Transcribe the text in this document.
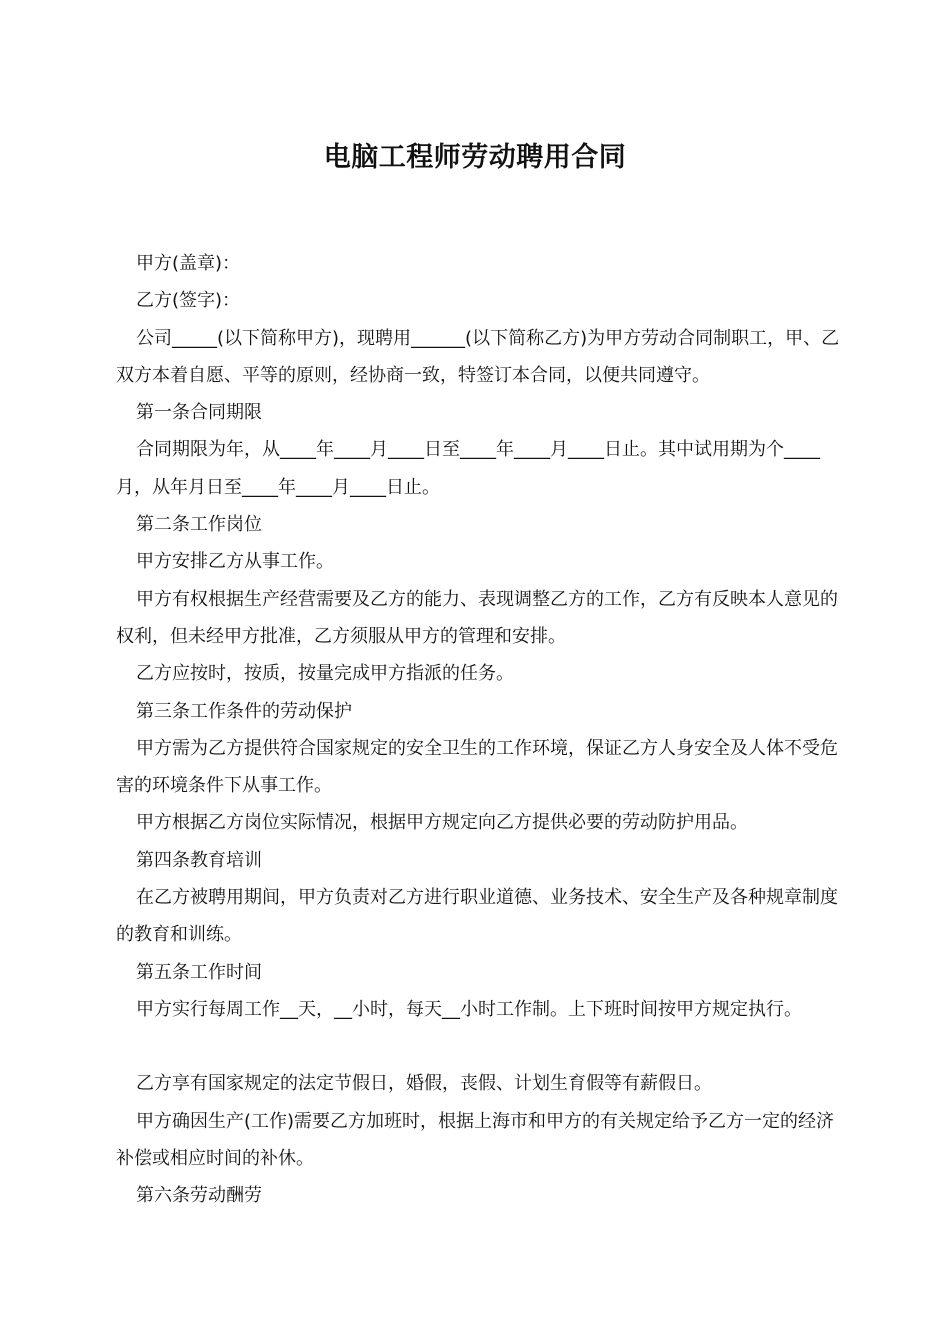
电脑工程师劳动聘用合同

甲方(盖章)：

乙方(签字)：

公司_____(以下简称甲方)，现聘用______(以下简称乙方)为甲方劳动合同制职工，甲、乙双方本着自愿、平等的原则，经协商一致，特签订本合同，以便共同遵守。

第一条合同期限

合同期限为年，从____年____月____日至____年____月____日止。其中试用期为个____月，从年月日至____年____月____日止。

第二条工作岗位

甲方安排乙方从事工作。

甲方有权根据生产经营需要及乙方的能力、表现调整乙方的工作，乙方有反映本人意见的权利，但未经甲方批准，乙方须服从甲方的管理和安排。

乙方应按时，按质，按量完成甲方指派的任务。

第三条工作条件的劳动保护

甲方需为乙方提供符合国家规定的安全卫生的工作环境，保证乙方人身安全及人体不受危害的环境条件下从事工作。

甲方根据乙方岗位实际情况，根据甲方规定向乙方提供必要的劳动防护用品。

第四条教育培训

在乙方被聘用期间，甲方负责对乙方进行职业道德、业务技术、安全生产及各种规章制度的教育和训练。

第五条工作时间

甲方实行每周工作__天，__小时，每天__小时工作制。上下班时间按甲方规定执行。

乙方享有国家规定的法定节假日，婚假，丧假、计划生育假等有薪假日。

甲方确因生产(工作)需要乙方加班时，根据上海市和甲方的有关规定给予乙方一定的经济补偿或相应时间的补休。

第六条劳动酬劳
